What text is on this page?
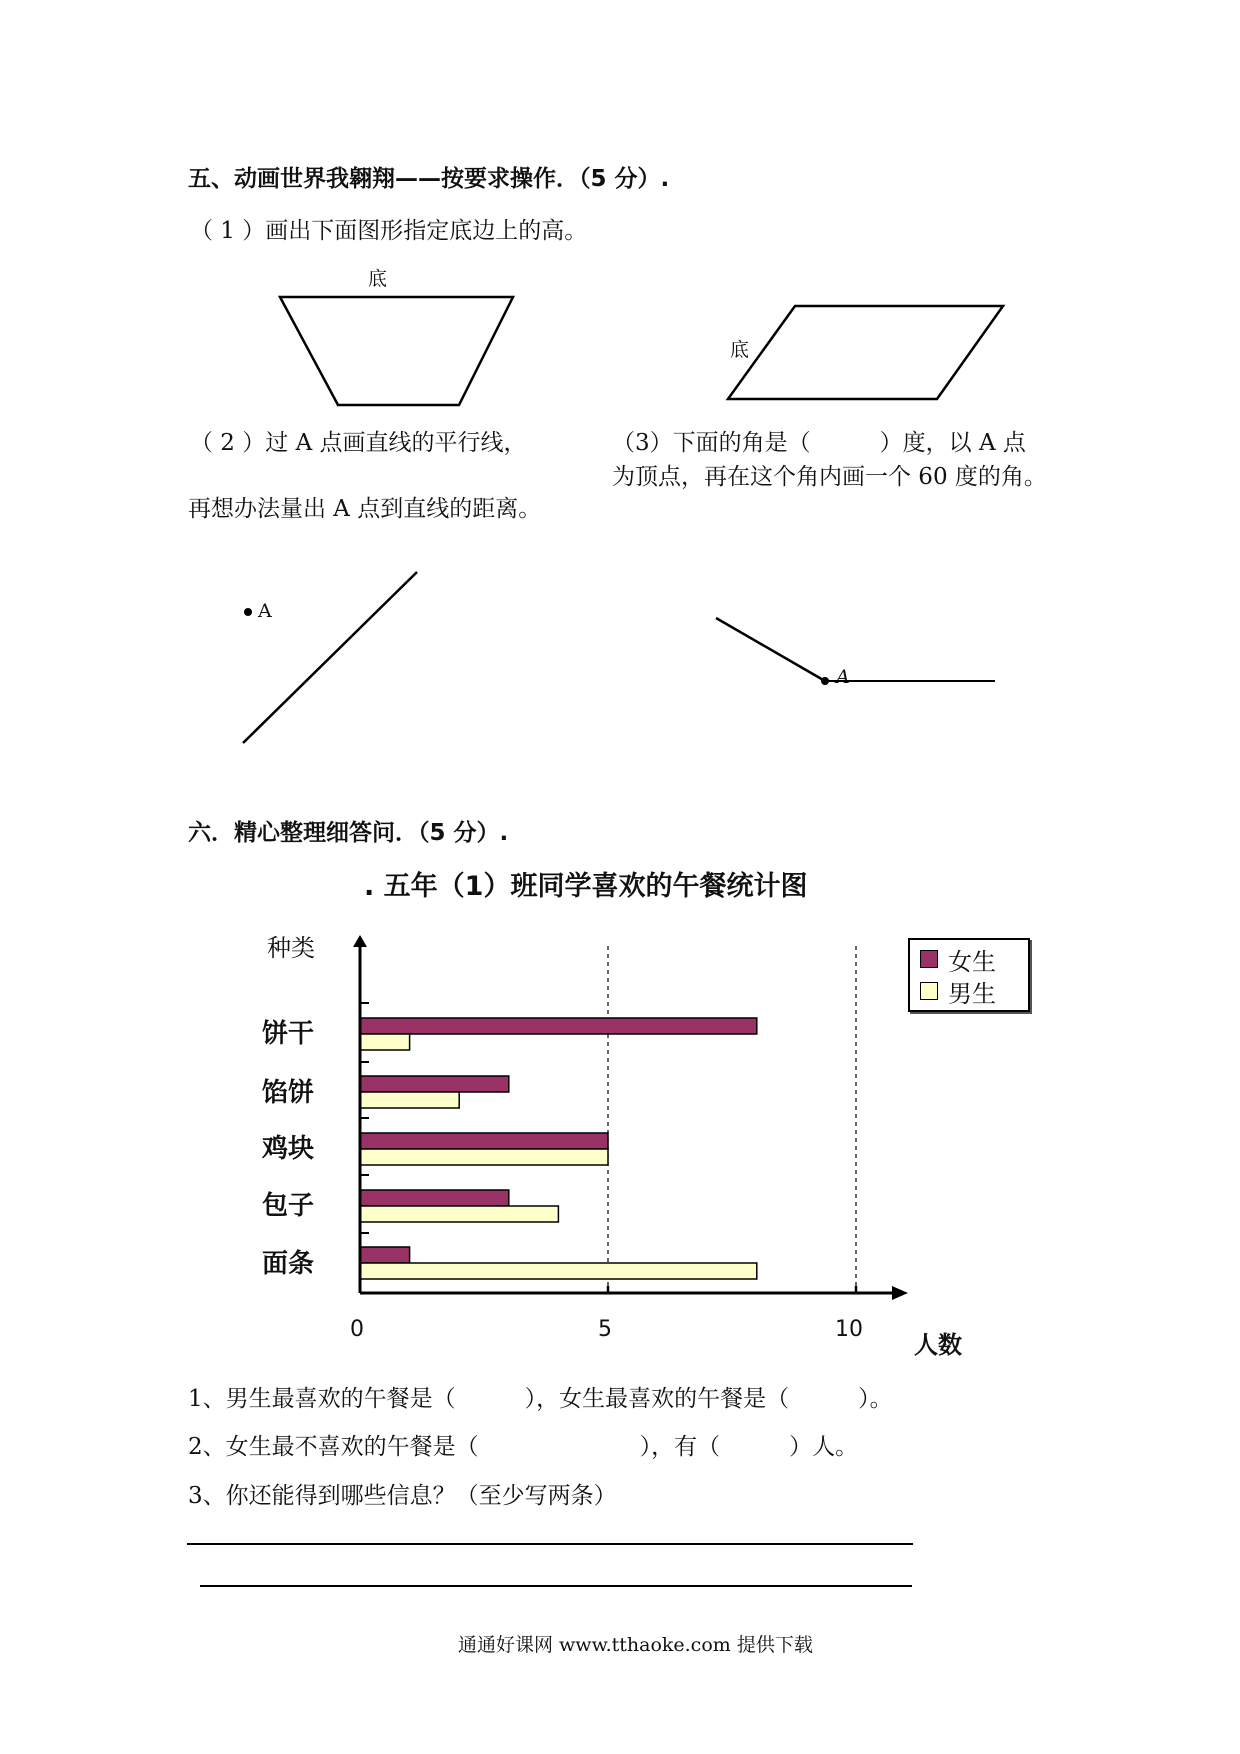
五、动画世界我翱翔——按要求操作．（5 分）.
（ 1 ）画出下面图形指定底边上的高。
底
底
（ 2 ）过 A 点画直线的平行线，
再想办法量出 A 点到直线的距离。
（3）下面的角是（　　　）度，以 A 点
为顶点，再在这个角内画一个 60 度的角。
A
A
六．精心整理细答问．（5 分）.
. 五年（1）班同学喜欢的午餐统计图
种类
人数
饼干
馅饼
鸡块
包子
面条
0	5	10
女生
男生
1、男生最喜欢的午餐是（　　　），女生最喜欢的午餐是（　　　）。
2、女生最不喜欢的午餐是（　　　　　　　），有（　　　）人。
3、你还能得到哪些信息？（至少写两条）
通通好课网 www.tthaoke.com 提供下载
